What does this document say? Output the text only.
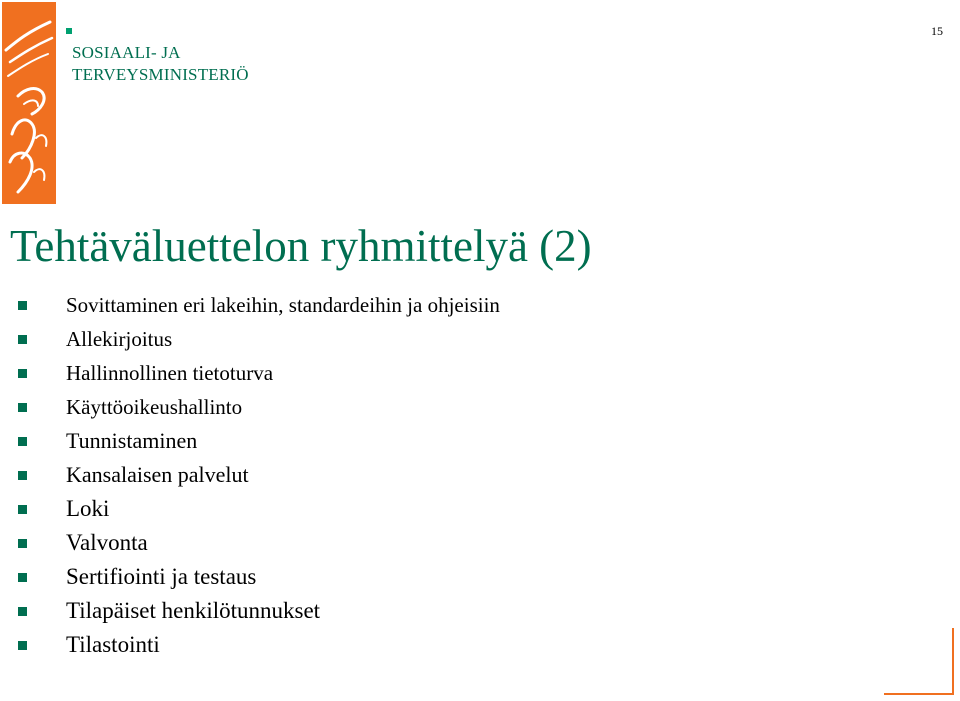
SOSIAALI- JA
TERVEYSMINISTERIÖ
15
Tehtäväluettelon ryhmittelyä (2)
Sovittaminen eri lakeihin, standardeihin ja ohjeisiin
Allekirjoitus
Hallinnollinen tietoturva
Käyttöoikeushallinto
Tunnistaminen
Kansalaisen palvelut
Loki
Valvonta
Sertifiointi ja testaus
Tilapäiset henkilötunnukset
Tilastointi
